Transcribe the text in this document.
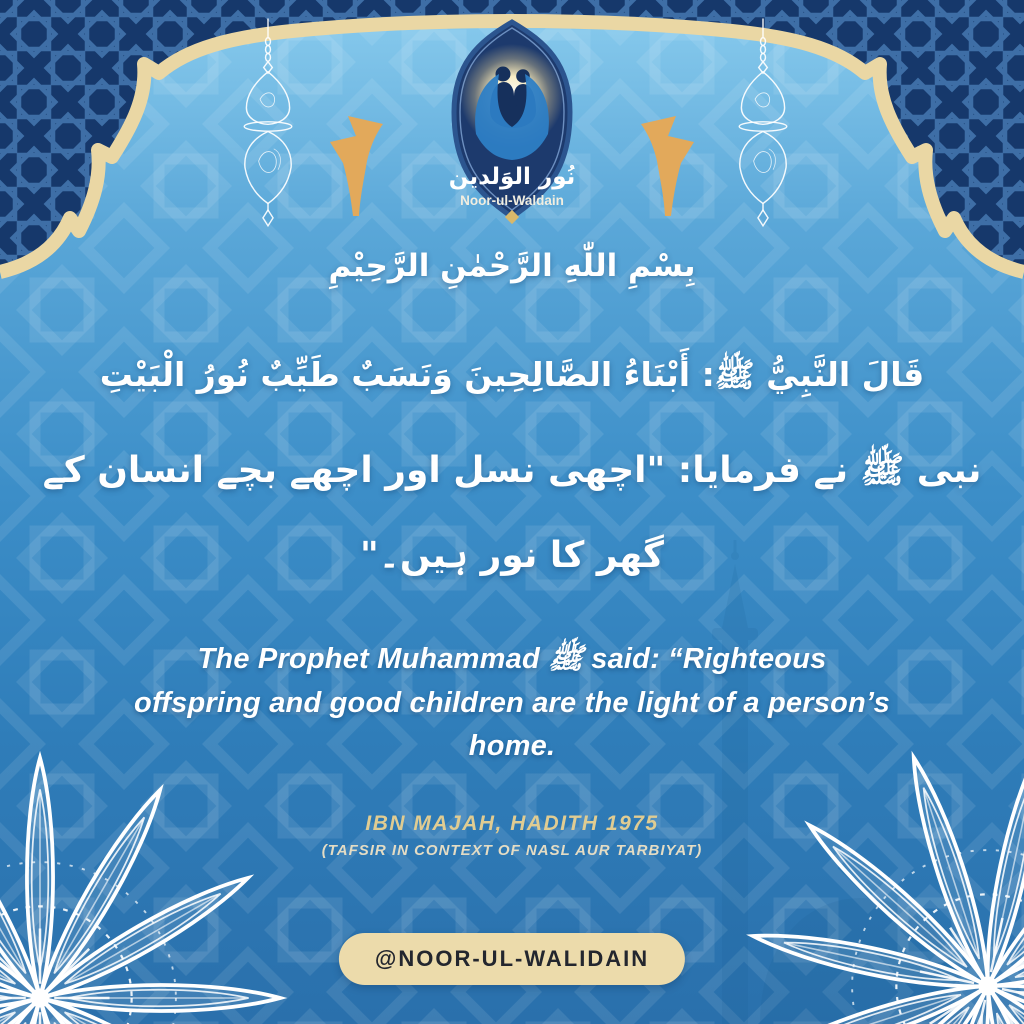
نُور الوَلدين
Noor-ul-Waldain
بِسْمِ اللّٰهِ الرَّحْمٰنِ الرَّحِيْمِ
قَالَ النَّبِيُّ ﷺ: أَبْنَاءُ الصَّالِحِينَ وَنَسَبٌ طَيِّبٌ نُورُ الْبَيْتِ
نبی ﷺ نے فرمایا: "اچھی نسل اور اچھے بچے انسان کے
گھر کا نور ہیں۔"
The Prophet Muhammad ﷺ said: “Righteous offspring and good children are the light of a person’s home.
IBN MAJAH, HADITH 1975
(TAFSIR IN CONTEXT OF NASL AUR TARBIYAT)
@NOOR-UL-WALIDAIN
